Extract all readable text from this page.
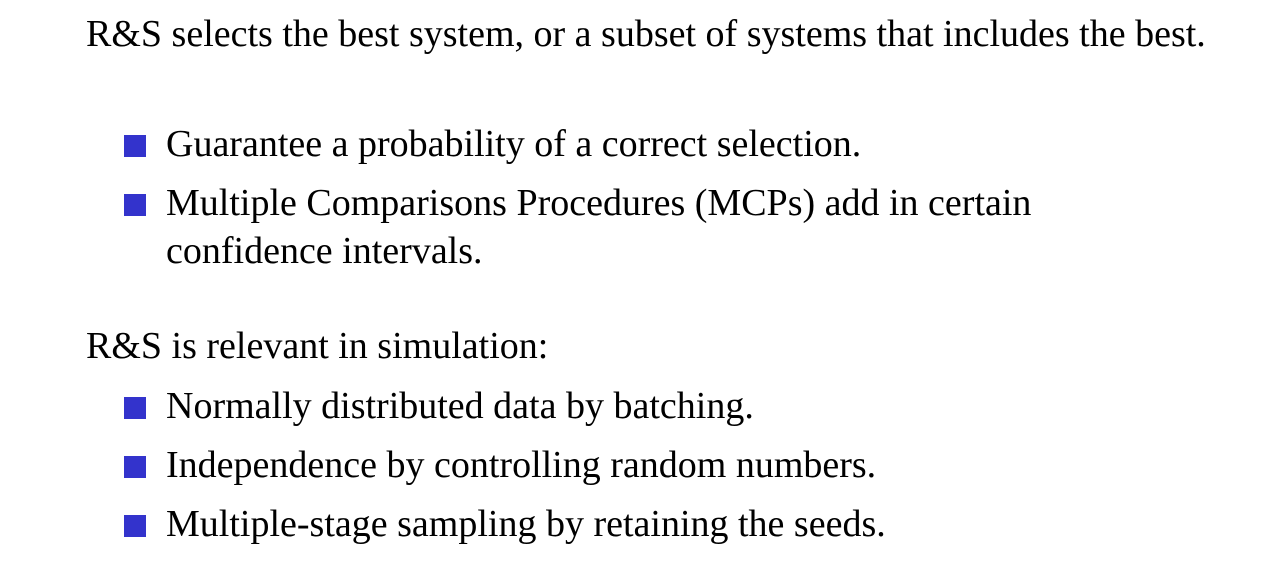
R&S selects the best system, or a subset of systems that includes the best.

Guarantee a probability of a correct selection.
Multiple Comparisons Procedures (MCPs) add in certain confidence intervals.

R&S is relevant in simulation:

Normally distributed data by batching.
Independence by controlling random numbers.
Multiple-stage sampling by retaining the seeds.
